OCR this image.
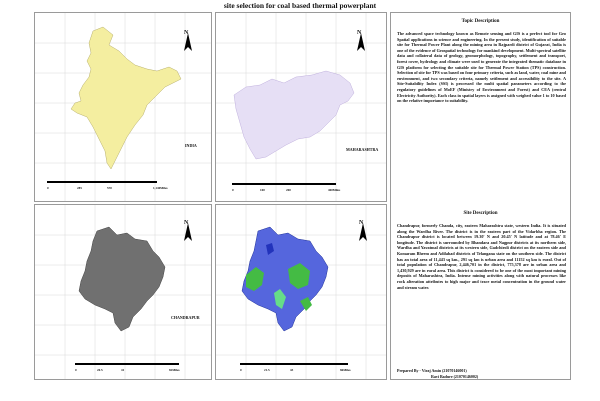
site selection for coal based thermal powerplant
N
INDIA
0	285	570	1,140Miles
N
MAHARASHTRA
0	100	200	400Miles
N
CHANDRAPUR
0	20.5	41	82Miles
N
0	21.5	43	86Miles
Topic Description
The advanced space technology known as Remote sensing and GIS is a perfect tool for Geo Spatial applications in science and engineering. In the present study, identification of suitable site for Thermal Power Plant along the mining area in Rajpardi district of Gujarat, India is one of the evidence of Geospatial technology for mankind development. Multi-spectral satellite data and collateral data of geology, geomorphology, topography, settlement and transport, forest cover, hydrology and climate were used to generate the integrated thematic database in GIS platform for selecting the suitable site for Thermal Power Station (TPS) construction. Selection of site for TPS was based on four primary criteria, such as land, water, coal mine and environment, and two secondary criteria, namely settlement and accessibility to the site. A Site-Suitability Index (SSI) is processed the multi spatial parameters according to the regulatory guidelines of MoEF (Ministry of Environment and Forest) and CEA (central Electricity Authority). Each class in spatial layers is assigned with weighed value 1 to 10 based on the relative importance to suitability.
Site Description
Chandrapur, formerly Chanda, city, eastern Maharashtra state, western India. It is situated along the Wardha River. The district is in the eastern part of the Vidarbha region. The Chandrapur district is located between 19.30' N and 20.45' N latitude and at 78.46' E longitude. The district is surrounded by Bhandara and Nagpur districts at its northern side, Wardha and Yavatmal districts at its western side, Gadchiroli district on the eastern side and Komaram Bheem and Adilabad districts of Telangana state on the southern side. The district has an total area of 11,443 sq km., 291 sq km is urban area and 11152 sq km is rural. Out of total population of Chandrapur, 2,446,701 in the district, 775,378 are in urban area and 1,430,929 are in rural area. This district is considered to be one of the most important mining deposits of Maharashtra, India. Intense mining activities along with natural processes like rock alteration attributes to high major and trace metal concentration in the ground water and stream water.
Prepared By - Viraj Amin (21070146001)
Ravi Badure (21070146002)
